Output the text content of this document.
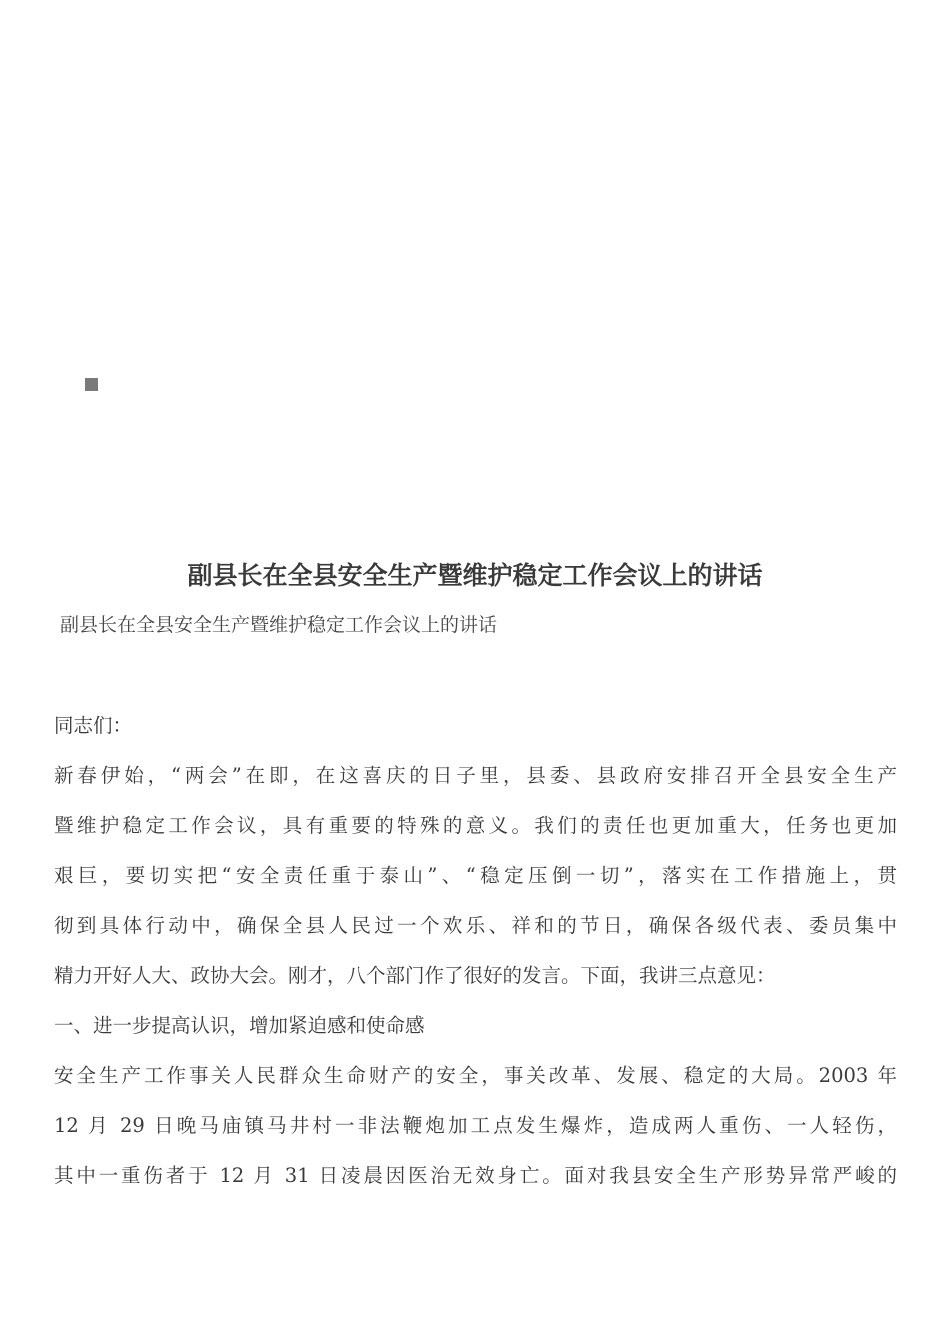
副县长在全县安全生产暨维护稳定工作会议上的讲话
副县长在全县安全生产暨维护稳定工作会议上的讲话
同志们：
新春伊始，“两会”在即，在这喜庆的日子里，县委、县政府安排召开全县安全生产
暨维护稳定工作会议，具有重要的特殊的意义。我们的责任也更加重大，任务也更加
艰巨，要切实把“安全责任重于泰山”、“稳定压倒一切”，落实在工作措施上，贯
彻到具体行动中，确保全县人民过一个欢乐、祥和的节日，确保各级代表、委员集中
精力开好人大、政协大会。刚才，八个部门作了很好的发言。下面，我讲三点意见：
一、进一步提高认识，增加紧迫感和使命感
安全生产工作事关人民群众生命财产的安全，事关改革、发展、稳定的大局。2003 年
12 月 29 日晚马庙镇马井村一非法鞭炮加工点发生爆炸，造成两人重伤、一人轻伤，
其中一重伤者于 12 月 31 日凌晨因医治无效身亡。面对我县安全生产形势异常严峻的
